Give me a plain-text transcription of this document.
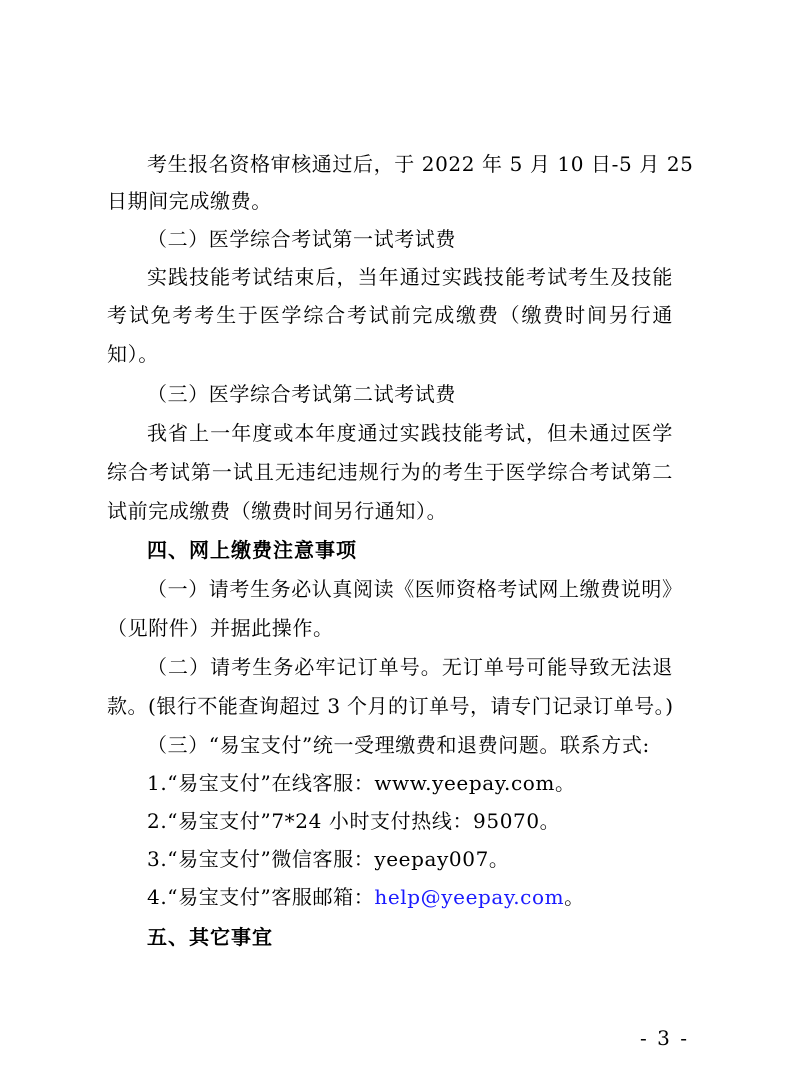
考生报名资格审核通过后，于 2022 年 5 月 10 日-5 月 25
日期间完成缴费。
（二）医学综合考试第一试考试费
实践技能考试结束后，当年通过实践技能考试考生及技能
考试免考考生于医学综合考试前完成缴费（缴费时间另行通
知）。
（三）医学综合考试第二试考试费
我省上一年度或本年度通过实践技能考试，但未通过医学
综合考试第一试且无违纪违规行为的考生于医学综合考试第二
试前完成缴费（缴费时间另行通知）。
四、网上缴费注意事项
（一）请考生务必认真阅读《医师资格考试网上缴费说明》
（见附件）并据此操作。
（二）请考生务必牢记订单号。无订单号可能导致无法退
款。(银行不能查询超过 3 个月的订单号，请专门记录订单号。)
（三）“易宝支付”统一受理缴费和退费问题。联系方式:
1.“易宝支付”在线客服：www.yeepay.com。
2.“易宝支付”7*24 小时支付热线：95070。
3.“易宝支付”微信客服：yeepay007。
4.“易宝支付”客服邮箱：help@yeepay.com。
五、其它事宜
- 3 -
